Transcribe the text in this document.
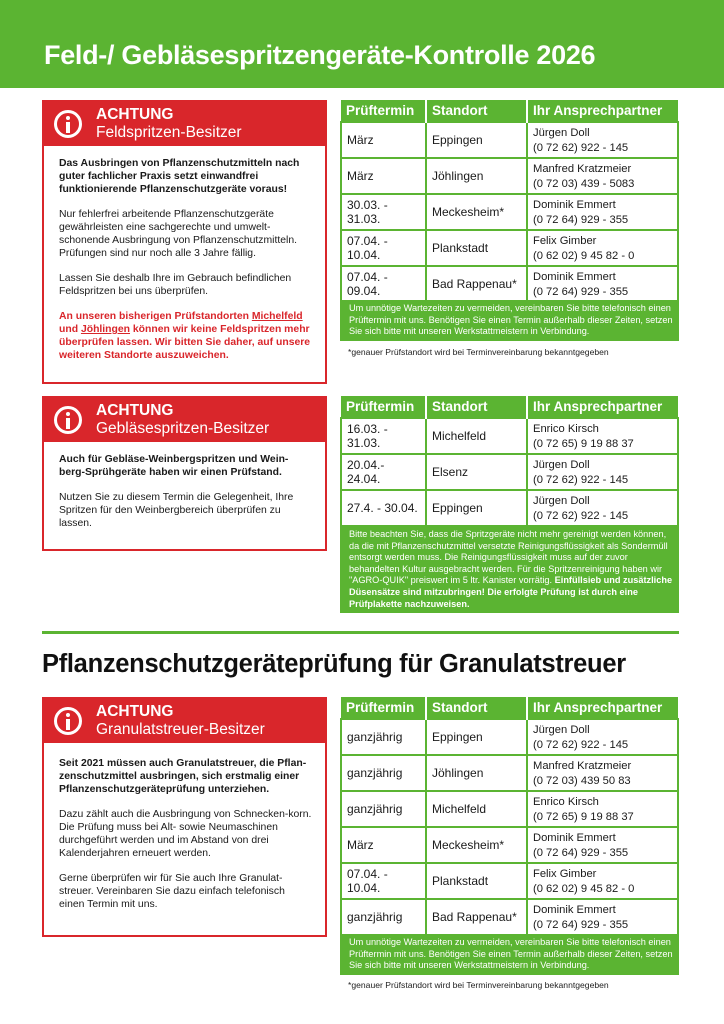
Feld-/ Gebläsespritzengeräte-Kontrolle 2026
ACHTUNG
Feldspritzen-Besitzer

Das Ausbringen von Pflanzenschutzmitteln nach guter fachlicher Praxis setzt einwandfrei funktionierende Pflanzenschutzgeräte voraus!

Nur fehlerfrei arbeitende Pflanzenschutzgeräte gewährleisten eine sachgerechte und umwelt-schonende Ausbringung von Pflanzenschutzmitteln. Prüfungen sind nur noch alle 3 Jahre fällig.

Lassen Sie deshalb Ihre im Gebrauch befindlichen Feldspritzen bei uns überprüfen.

An unseren bisherigen Prüfstandorten Michelfeld und Jöhlingen können wir keine Feldspritzen mehr überprüfen lassen. Wir bitten Sie daher, auf unsere weiteren Standorte auszuweichen.

Prüftermin	Standort	Ihr Ansprechpartner
März	Eppingen	Jürgen Doll
(0 72 62) 922 - 145

März	Jöhlingen	Manfred Kratzmeier
(0 72 03) 439 - 5083

30.03. - 31.03.	Meckesheim*	Dominik Emmert
(0 72 64) 929 - 355

07.04. - 10.04.	Plankstadt	Felix Gimber
(0 62 02) 9 45 82 - 0

07.04. - 09.04.	Bad Rappenau*	Dominik Emmert
(0 72 64) 929 - 355
Um unnötige Wartezeiten zu vermeiden, vereinbaren Sie bitte telefonisch einen Prüftermin mit uns. Benötigen Sie einen Termin außerhalb dieser Zeiten, setzen Sie sich bitte mit unseren Werkstattmeistern in Verbindung.
*genauer Prüfstandort wird bei Terminvereinbarung bekanntgegeben
ACHTUNG
Gebläsespritzen-Besitzer

Auch für Gebläse-Weinbergspritzen und Wein-berg-Sprühgeräte haben wir einen Prüfstand.

Nutzen Sie zu diesem Termin die Gelegenheit, Ihre Spritzen für den Weinbergbereich überprüfen zu lassen.

Prüftermin	Standort	Ihr Ansprechpartner
16.03. - 31.03.	Michelfeld	Enrico Kirsch
(0 72 65) 9 19 88 37

20.04.- 24.04.	Elsenz	Jürgen Doll
(0 72 62) 922 - 145

27.4. - 30.04.	Eppingen	Jürgen Doll
(0 72 62) 922 - 145
Bitte beachten Sie, dass die Spritzgeräte nicht mehr gereinigt werden können, da die mit Pflanzenschutzmittel versetzte Reinigungsflüssigkeit als Sondermüll entsorgt werden muss. Die Reinigungsflüssigkeit muss auf der zuvor behandelten Kultur ausgebracht werden. Für die Spritzenreinigung haben wir "AGRO-QUIK" preiswert im 5 ltr. Kanister vorrätig. Einfüllsieb und zusätzliche Düsensätze sind mitzubringen! Die erfolgte Prüfung ist durch eine Prüfplakette nachzuweisen.
Pflanzenschutzgeräteprüfung für Granulatstreuer
ACHTUNG
Granulatstreuer-Besitzer

Seit 2021 müssen auch Granulatstreuer, die Pflan-zenschutzmittel ausbringen, sich erstmalig einer Pflanzenschutzgeräteprüfung unterziehen.

Dazu zählt auch die Ausbringung von Schnecken-korn. Die Prüfung muss bei Alt- sowie Neumaschinen durchgeführt werden und im Abstand von drei Kalenderjahren erneuert werden.

Gerne überprüfen wir für Sie auch Ihre Granulat-streuer. Vereinbaren Sie dazu einfach telefonisch einen Termin mit uns.

Prüftermin	Standort	Ihr Ansprechpartner
ganzjährig	Eppingen	Jürgen Doll
(0 72 62) 922 - 145

ganzjährig	Jöhlingen	Manfred Kratzmeier
(0 72 03) 439 50 83

ganzjährig	Michelfeld	Enrico Kirsch
(0 72 65) 9 19 88 37

März	Meckesheim*	Dominik Emmert
(0 72 64) 929 - 355

07.04. - 10.04.	Plankstadt	Felix Gimber
(0 62 02) 9 45 82 - 0

ganzjährig	Bad Rappenau*	Dominik Emmert
(0 72 64) 929 - 355
Um unnötige Wartezeiten zu vermeiden, vereinbaren Sie bitte telefonisch einen Prüftermin mit uns. Benötigen Sie einen Termin außerhalb dieser Zeiten, setzen Sie sich bitte mit unseren Werkstattmeistern in Verbindung.
*genauer Prüfstandort wird bei Terminvereinbarung bekanntgegeben
